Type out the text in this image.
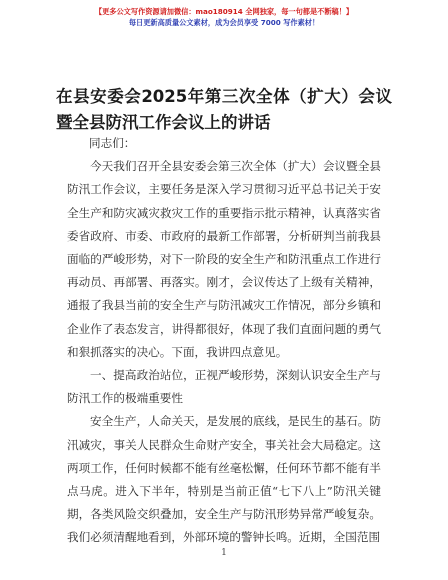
【更多公文写作资源请加微信：mao180914 全网独家，每一句都是不断稿！】
每日更新高质量公文素材，成为会员享受 7000 写作素材！
在县安委会2025年第三次全体（扩大）会议暨全县防汛工作会议上的讲话

同志们：

今天我们召开全县安委会第三次全体（扩大）会议暨全县防汛工作会议，主要任务是深入学习贯彻习近平总书记关于安全生产和防灾减灾救灾工作的重要指示批示精神，认真落实省委省政府、市委、市政府的最新工作部署，分析研判当前我县面临的严峻形势，对下一阶段的安全生产和防汛重点工作进行再动员、再部署、再落实。刚才，会议传达了上级有关精神，通报了我县当前的安全生产与防汛减灾工作情况，部分乡镇和企业作了表态发言，讲得都很好，体现了我们直面问题的勇气和狠抓落实的决心。下面，我讲四点意见。

一、提高政治站位，正视严峻形势，深刻认识安全生产与防汛工作的极端重要性

安全生产，人命关天，是发展的底线，是民生的基石。防汛减灾，事关人民群众生命财产安全，事关社会大局稳定。这两项工作，任何时候都不能有丝毫松懈，任何环节都不能有半点马虎。进入下半年，特别是当前正值“七下八上”防汛关键期，各类风险交织叠加，安全生产与防汛形势异常严峻复杂。我们必须清醒地看到，外部环境的警钟长鸣。近期，全国范围

1
